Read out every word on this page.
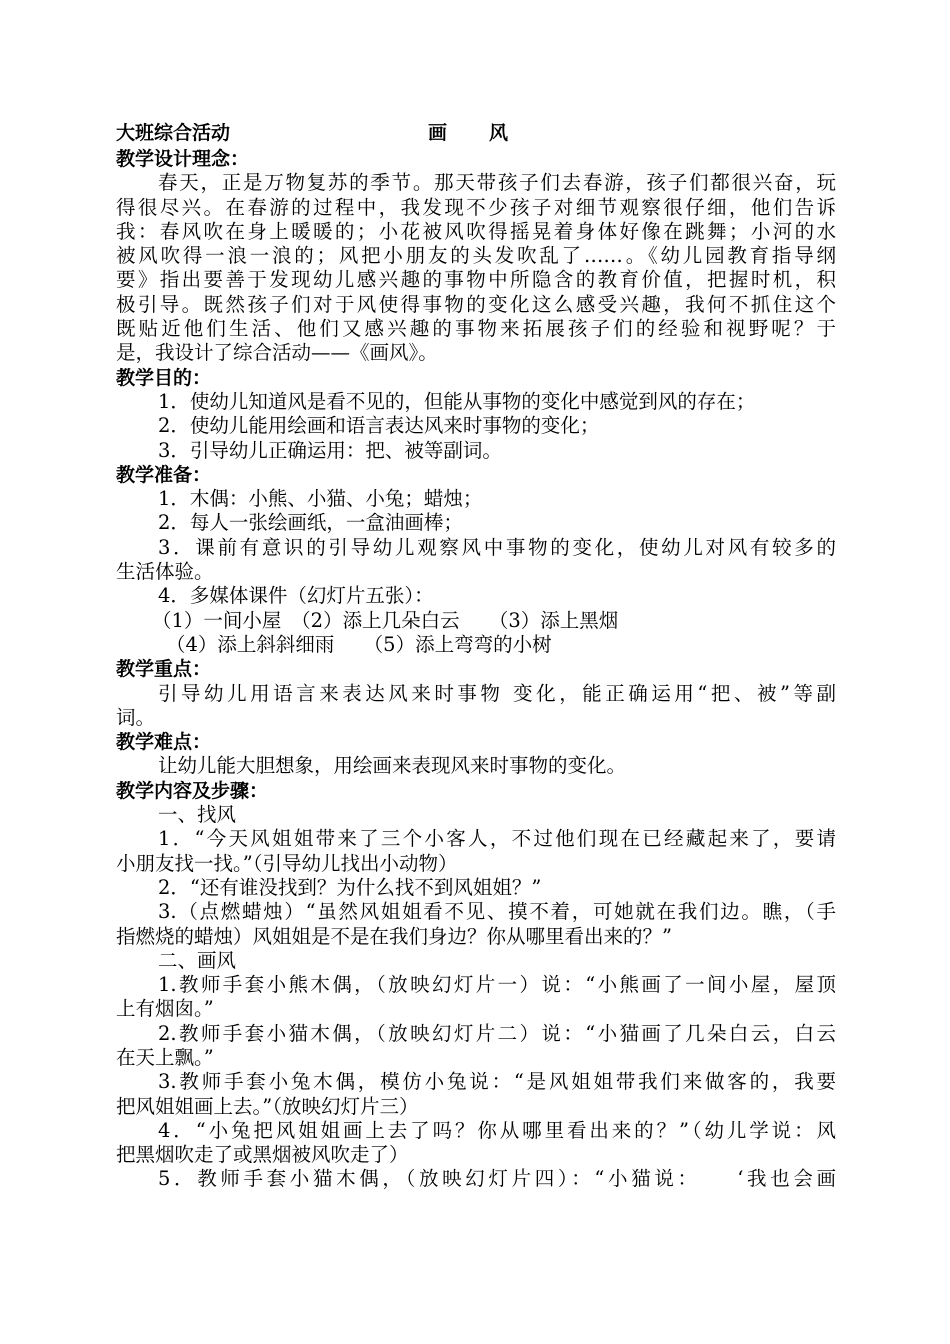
大班综合活动	画风
教学设计理念：
春天，正是万物复苏的季节。那天带孩子们去春游，孩子们都很兴奋，玩
得很尽兴。在春游的过程中，我发现不少孩子对细节观察很仔细，他们告诉
我：春风吹在身上暖暖的；小花被风吹得摇晃着身体好像在跳舞；小河的水
被风吹得一浪一浪的；风把小朋友的头发吹乱了……。《幼儿园教育指导纲
要》指出要善于发现幼儿感兴趣的事物中所隐含的教育价值，把握时机，积
极引导。既然孩子们对于风使得事物的变化这么感受兴趣，我何不抓住这个
既贴近他们生活、他们又感兴趣的事物来拓展孩子们的经验和视野呢？于
是，我设计了综合活动——《画风》。
教学目的：
1．使幼儿知道风是看不见的，但能从事物的变化中感觉到风的存在；
2．使幼儿能用绘画和语言表达风来时事物的变化；
3．引导幼儿正确运用：把、被等副词。
教学准备：
1．木偶：小熊、小猫、小兔；蜡烛；
2．每人一张绘画纸，一盒油画棒；
3．课前有意识的引导幼儿观察风中事物的变化，使幼儿对风有较多的
生活体验。
4．多媒体课件（幻灯片五张）：
（1）一间小屋　（2）添上几朵白云　　（3）添上黑烟
（4）添上斜斜细雨　　（5）添上弯弯的小树
教学重点：
引导幼儿用语言来表达风来时事物 变化，能正确运用“把、被”等副
词。
教学难点：
让幼儿能大胆想象，用绘画来表现风来时事物的变化。
教学内容及步骤：
一、找风
1．“今天风姐姐带来了三个小客人，不过他们现在已经藏起来了，要请
小朋友找一找。”（引导幼儿找出小动物）
2．“还有谁没找到？为什么找不到风姐姐？”
3.（点燃蜡烛）“虽然风姐姐看不见、摸不着，可她就在我们边。瞧，（手
指燃烧的蜡烛）风姐姐是不是在我们身边？你从哪里看出来的？”
二、画风
1.教师手套小熊木偶，（放映幻灯片一）说：“小熊画了一间小屋，屋顶
上有烟囱。”
2.教师手套小猫木偶，（放映幻灯片二）说：“小猫画了几朵白云，白云
在天上飘。”
3.教师手套小兔木偶，模仿小兔说：“是风姐姐带我们来做客的，我要
把风姐姐画上去。”（放映幻灯片三）
4．“小兔把风姐姐画上去了吗？你从哪里看出来的？”（幼儿学说：风
把黑烟吹走了或黑烟被风吹走了）
5．教师手套小猫木偶，（放映幻灯片四）：“小猫说：　　‘我也会画
